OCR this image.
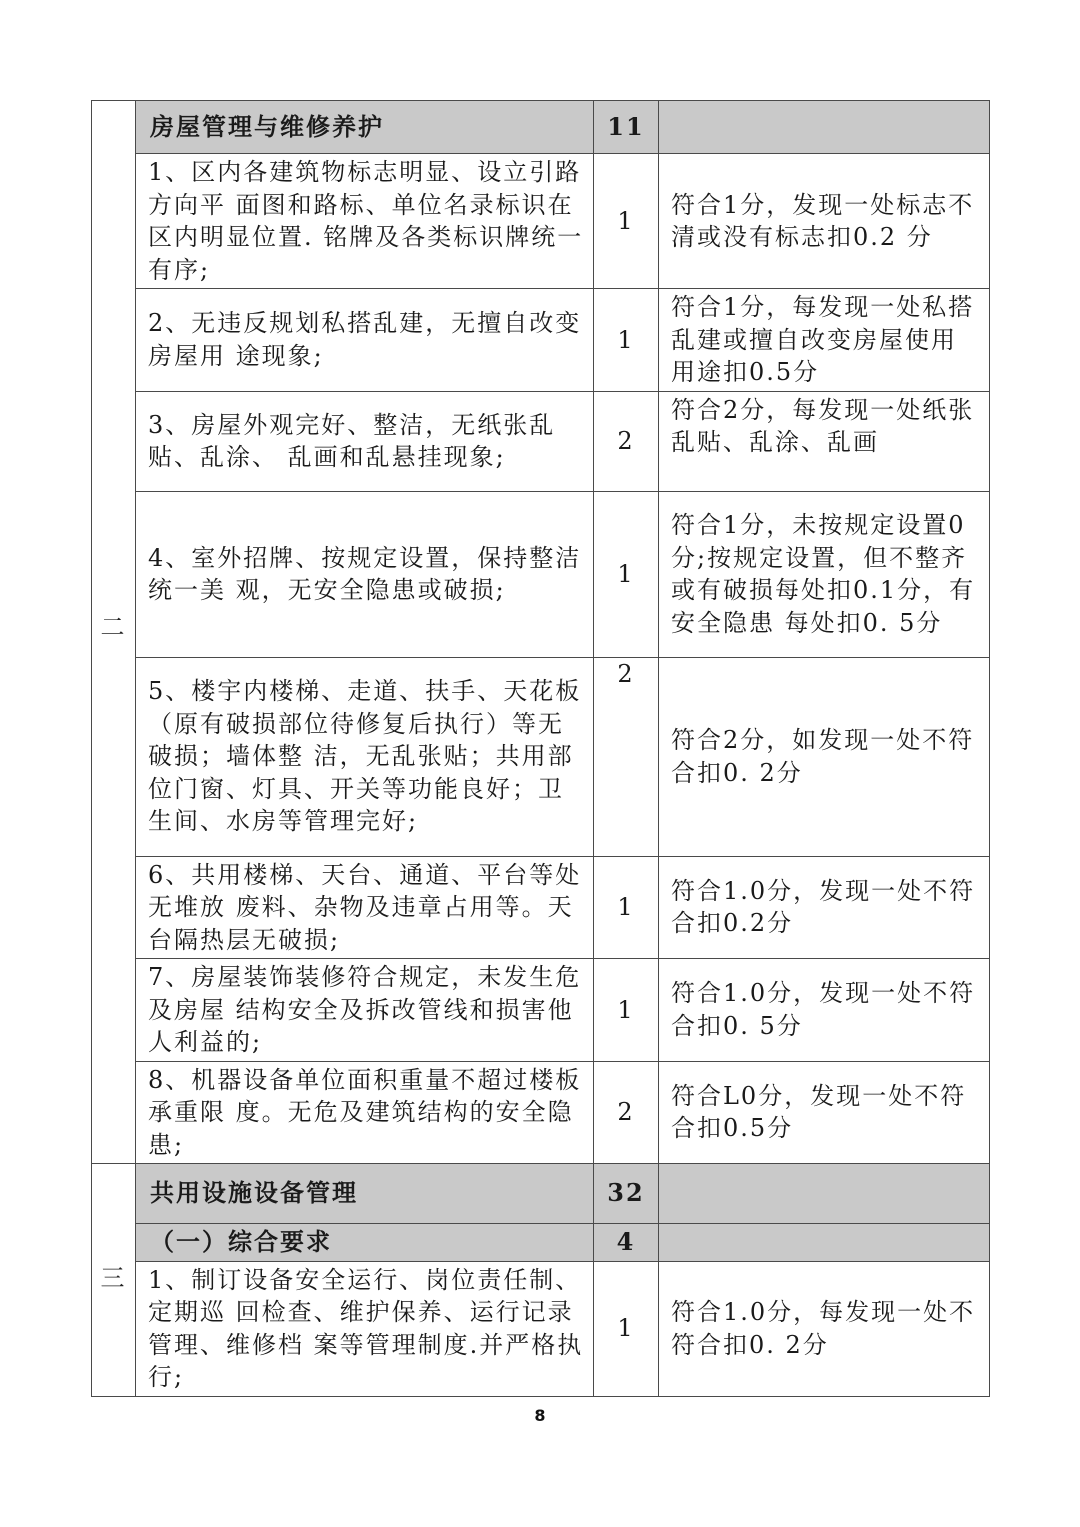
二	房屋管理与维修养护	11	
	1、区内各建筑物标志明显、设立引路方向平 面图和路标、单位名录标识在区内明显位置. 铭牌及各类标识牌统一有序;	1	符合1分，发现一处标志不清或没有标志扣0.2 分
	2、无违反规划私搭乱建，无擅自改变房屋用 途现象;	1	符合1分，每发现一处私搭乱建或擅自改变房屋使用用途扣0.5分
	3、房屋外观完好、整洁，无纸张乱贴、乱涂、 乱画和乱悬挂现象;	2	符合2分，每发现一处纸张乱贴、乱涂、乱画
	4、室外招牌、按规定设置，保持整洁统一美 观，无安全隐患或破损;	1	符合1分，未按规定设置0分;按规定设置，但不整齐或有破损每处扣0.1分，有安全隐患 每处扣0. 5分
	5、楼宇内楼梯、走道、扶手、天花板（原有破损部位待修复后执行）等无破损；墙体整 洁，无乱张贴；共用部位门窗、灯具、开关等功能良好；卫生间、水房等管理完好;	2	符合2分，如发现一处不符合扣0. 2分
	6、共用楼梯、天台、通道、平台等处无堆放 废料、杂物及违章占用等。天台隔热层无破损;	1	符合1.0分，发现一处不符合扣0.2分
	7、房屋装饰装修符合规定，未发生危及房屋 结构安全及拆改管线和损害他人利益的;	1	符合1.0分，发现一处不符合扣0. 5分
	8、机器设备单位面积重量不超过楼板承重限 度。无危及建筑结构的安全隐患;	2	符合L0分，发现一处不符合扣0.5分
三	共用设施设备管理	32	
	（一）综合要求	4	
	1、制订设备安全运行、岗位责任制、定期巡 回检查、维护保养、运行记录管理、维修档 案等管理制度.并严格执行;	1	符合1.0分，每发现一处不符合扣0. 2分
8
